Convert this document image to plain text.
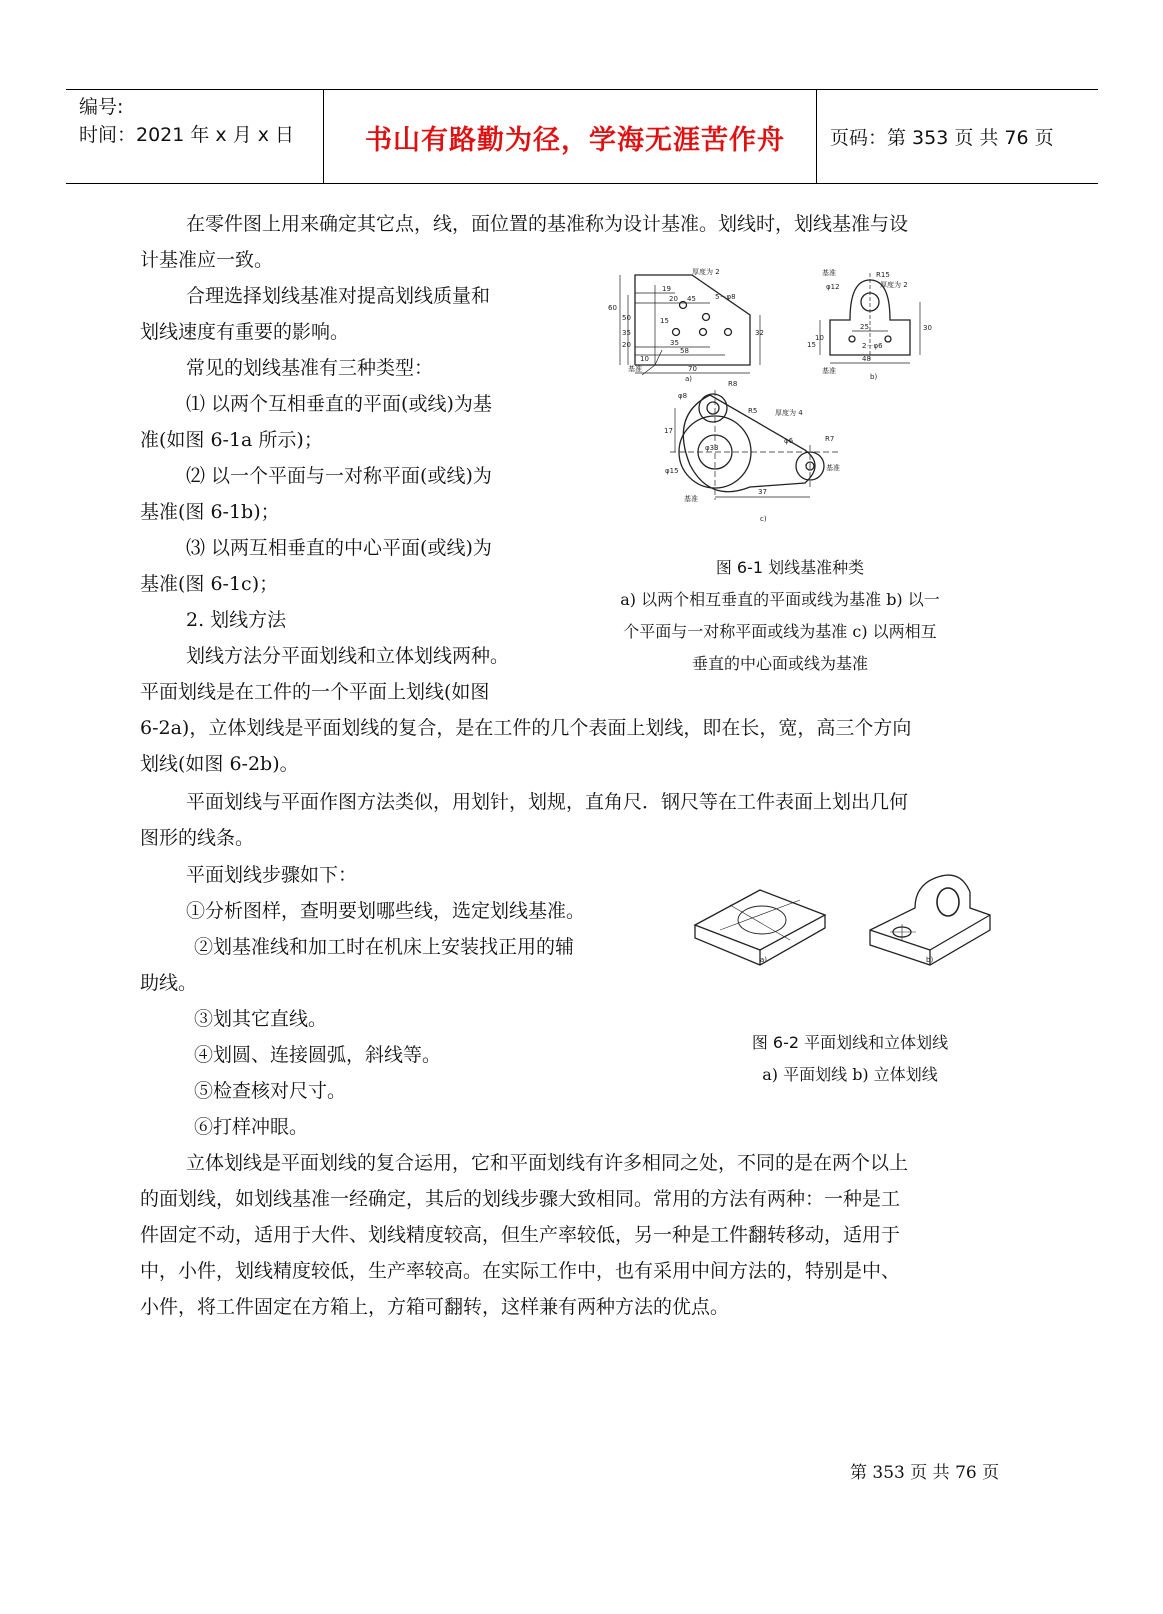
编号:
时间：2021 年 x 月 x 日	书山有路勤为径，学海无涯苦作舟	页码：第 353 页 共 76 页
在零件图上用来确定其它点，线，面位置的基准称为设计基准。划线时，划线基准与设
计基准应一致。
合理选择划线基准对提高划线质量和
划线速度有重要的影响。
常见的划线基准有三种类型：
⑴ 以两个互相垂直的平面(或线)为基
准(如图 6-1a 所示)；
⑵ 以一个平面与一对称平面(或线)为
基准(图 6-1b)；
⑶ 以两互相垂直的中心平面(或线)为
基准(图 6-1c)；
2. 划线方法
划线方法分平面划线和立体划线两种。
平面划线是在工件的一个平面上划线(如图
6-2a)，立体划线是平面划线的复合，是在工件的几个表面上划线，即在长，宽，高三个方向
划线(如图 6-2b)。
平面划线与平面作图方法类似，用划针，划规，直角尺．钢尺等在工件表面上划出几何
图形的线条。
平面划线步骤如下：
①分析图样，查明要划哪些线，选定划线基准。
②划基准线和加工时在机床上安装找正用的辅
助线。
③划其它直线。
④划圆、连接圆弧，斜线等。
⑤检查核对尺寸。
⑥打样冲眼。
立体划线是平面划线的复合运用，它和平面划线有许多相同之处，不同的是在两个以上
的面划线，如划线基准一经确定，其后的划线步骤大致相同。常用的方法有两种：一种是工
件固定不动，适用于大件、划线精度较高，但生产率较低，另一种是工件翻转移动，适用于
中，小件，划线精度较低，生产率较高。在实际工作中，也有采用中间方法的，特别是中、
小件，将工件固定在方箱上，方箱可翻转，这样兼有两种方法的优点。
厚度为 2
19
20 45	5－φ8
15
35
58
70
50
35
20
10
32
60
基准
a)
基准	R15
厚度为 2
φ12
25
10
15
48
30
2－φ6
基准
b)
φ8
R8
厚度为 4
R5
φ6	R7
φ33
φ15
17
37
基准
基准
c)
图 6-1 划线基准种类
a) 以两个相互垂直的平面或线为基准 b) 以一
个平面与一对称平面或线为基准 c) 以两相互
垂直的中心面或线为基准
a)	b)
图 6-2 平面划线和立体划线
a) 平面划线 b) 立体划线
第 353 页 共 76 页
